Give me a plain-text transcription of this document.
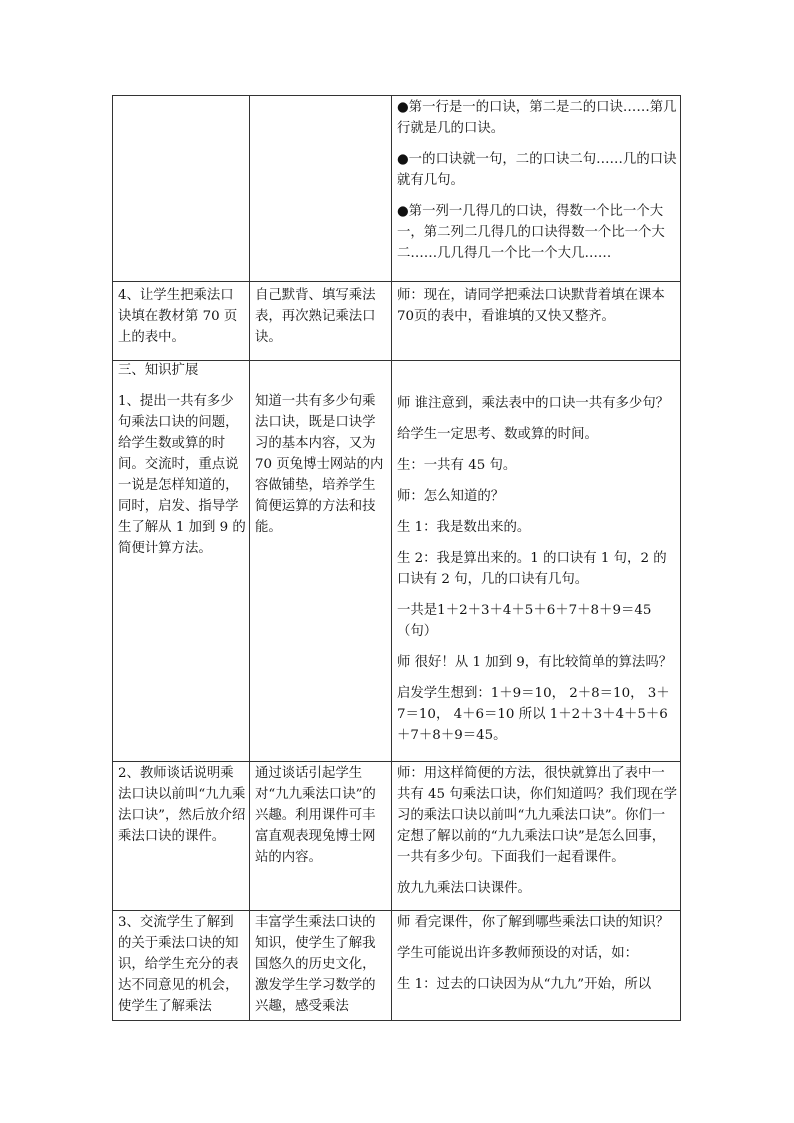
●第一行是一的口诀，第二是二的口诀……第几行就是几的口诀。

●一的口诀就一句，二的口诀二句……几的口诀就有几句。

●第一列一几得几的口诀，得数一个比一个大一，第二列二几得几的口诀得数一个比一个大二……几几得几一个比一个大几……

4、让学生把乘法口诀填在教材第 70 页上的表中。

自己默背、填写乘法表，再次熟记乘法口诀。

师：现在，请同学把乘法口诀默背着填在课本 70页的表中，看谁填的又快又整齐。

三、知识扩展

1、提出一共有多少句乘法口诀的问题，给学生数或算的时间。交流时，重点说一说是怎样知道的，同时，启发、指导学生了解从 1 加到 9 的简便计算方法。

知道一共有多少句乘法口诀，既是口诀学习的基本内容，又为 70 页兔博士网站的内容做铺垫，培养学生简便运算的方法和技能。

师 谁注意到，乘法表中的口诀一共有多少句？

给学生一定思考、数或算的时间。

生：一共有 45 句。

师：怎么知道的？

生 1：我是数出来的。

生 2：我是算出来的。1 的口诀有 1 句，2 的口诀有 2 句，几的口诀有几句。

一共是1＋2＋3＋4＋5＋6＋7＋8＋9＝45（句）

师 很好！从 1 加到 9，有比较简单的算法吗？

启发学生想到：1＋9＝10， 2＋8＝10， 3＋7＝10， 4＋6＝10 所以 1＋2＋3＋4＋5＋6＋7＋8＋9＝45。

2、教师谈话说明乘法口诀以前叫“九九乘法口诀”，然后放介绍乘法口诀的课件。

通过谈话引起学生对“九九乘法口诀”的兴趣。利用课件可丰富直观表现兔博士网站的内容。

师：用这样简便的方法，很快就算出了表中一共有 45 句乘法口诀，你们知道吗？我们现在学习的乘法口诀以前叫“九九乘法口诀”。你们一定想了解以前的“九九乘法口诀”是怎么回事，一共有多少句。下面我们一起看课件。

放九九乘法口诀课件。

3、交流学生了解到的关于乘法口诀的知识，给学生充分的表达不同意见的机会，使学生了解乘法

丰富学生乘法口诀的知识，使学生了解我国悠久的历史文化，激发学生学习数学的兴趣，感受乘法

师 看完课件，你了解到哪些乘法口诀的知识？

学生可能说出许多教师预设的对话，如：

生 1：过去的口诀因为从“九九”开始，所以
